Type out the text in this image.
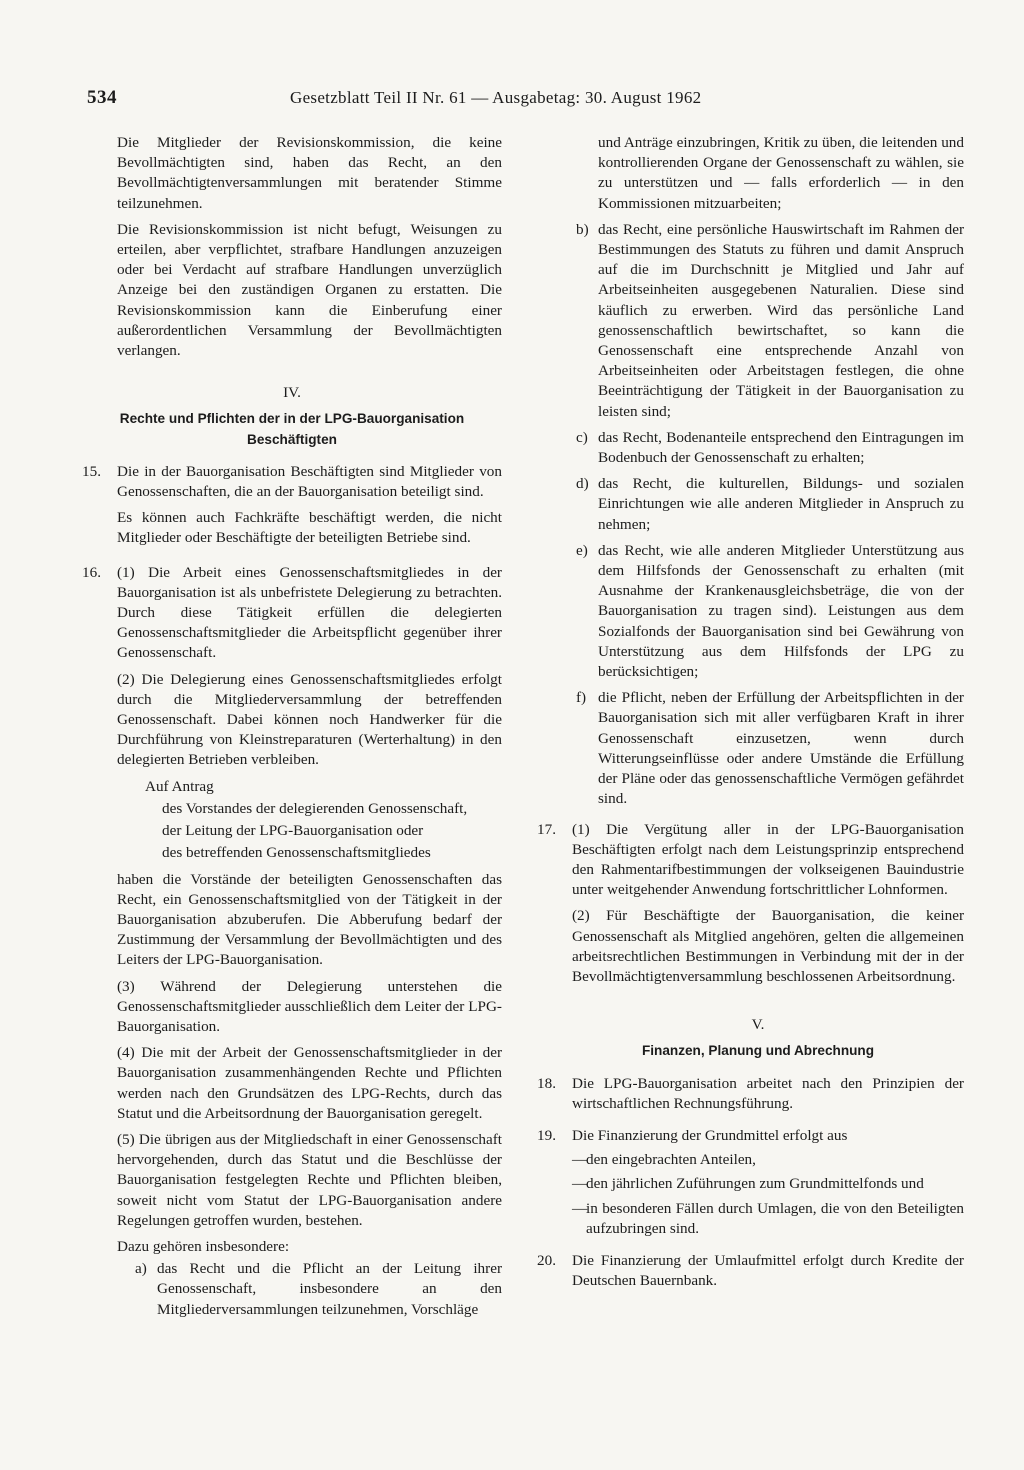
534	Gesetzblatt Teil II Nr. 61 — Ausgabetag: 30. August 1962

Die Mitglieder der Revisionskommission, die keine Bevollmächtigten sind, haben das Recht, an den Bevollmächtigtenversammlungen mit beratender Stimme teilzunehmen.

Die Revisionskommission ist nicht befugt, Weisungen zu erteilen, aber verpflichtet, strafbare Handlungen anzuzeigen oder bei Verdacht auf strafbare Handlungen unverzüglich Anzeige bei den zuständigen Organen zu erstatten. Die Revisionskommission kann die Einberufung einer außerordentlichen Versammlung der Bevollmächtigten verlangen.

IV.
Rechte und Pflichten der in der LPG-Bauorganisation Beschäftigten
15.	Die in der Bauorganisation Beschäftigten sind Mitglieder von Genossenschaften, die an der Bauorganisation beteiligt sind.

Es können auch Fachkräfte beschäftigt werden, die nicht Mitglieder oder Beschäftigte der beteiligten Betriebe sind.

16.	(1) Die Arbeit eines Genossenschaftsmitgliedes in der Bauorganisation ist als unbefristete Delegierung zu betrachten. Durch diese Tätigkeit erfüllen die delegierten Genossenschaftsmitglieder die Arbeitspflicht gegenüber ihrer Genossenschaft.

(2) Die Delegierung eines Genossenschaftsmitgliedes erfolgt durch die Mitgliederversammlung der betreffenden Genossenschaft. Dabei können noch Handwerker für die Durchführung von Kleinstreparaturen (Werterhaltung) in den delegierten Betrieben verbleiben.

Auf Antrag

des Vorstandes der delegierenden Genossenschaft,

der Leitung der LPG-Bauorganisation oder

des betreffenden Genossenschaftsmitgliedes

haben die Vorstände der beteiligten Genossenschaften das Recht, ein Genossenschaftsmitglied von der Tätigkeit in der Bauorganisation abzuberufen. Die Abberufung bedarf der Zustimmung der Versammlung der Bevollmächtigten und des Leiters der LPG-Bauorganisation.

(3) Während der Delegierung unterstehen die Genossenschaftsmitglieder ausschließlich dem Leiter der LPG-Bauorganisation.

(4) Die mit der Arbeit der Genossenschaftsmitglieder in der Bauorganisation zusammenhängenden Rechte und Pflichten werden nach den Grundsätzen des LPG-Rechts, durch das Statut und die Arbeitsordnung der Bauorganisation geregelt.

(5) Die übrigen aus der Mitgliedschaft in einer Genossenschaft hervorgehenden, durch das Statut und die Beschlüsse der Bauorganisation festgelegten Rechte und Pflichten bleiben, soweit nicht vom Statut der LPG-Bauorganisation andere Regelungen getroffen wurden, bestehen.

Dazu gehören insbesondere:

a) das Recht und die Pflicht an der Leitung ihrer Genossenschaft, insbesondere an den Mitgliederversammlungen teilzunehmen, Vorschläge

und Anträge einzubringen, Kritik zu üben, die leitenden und kontrollierenden Organe der Genossenschaft zu wählen, sie zu unterstützen und — falls erforderlich — in den Kommissionen mitzuarbeiten;

b) das Recht, eine persönliche Hauswirtschaft im Rahmen der Bestimmungen des Statuts zu führen und damit Anspruch auf die im Durchschnitt je Mitglied und Jahr auf Arbeitseinheiten ausgegebenen Naturalien. Diese sind käuflich zu erwerben. Wird das persönliche Land genossenschaftlich bewirtschaftet, so kann die Genossenschaft eine entsprechende Anzahl von Arbeitseinheiten oder Arbeitstagen festlegen, die ohne Beeinträchtigung der Tätigkeit in der Bauorganisation zu leisten sind;
c) das Recht, Bodenanteile entsprechend den Eintragungen im Bodenbuch der Genossenschaft zu erhalten;
d) das Recht, die kulturellen, Bildungs- und sozialen Einrichtungen wie alle anderen Mitglieder in Anspruch zu nehmen;
e) das Recht, wie alle anderen Mitglieder Unterstützung aus dem Hilfsfonds der Genossenschaft zu erhalten (mit Ausnahme der Krankenausgleichsbeträge, die von der Bauorganisation zu tragen sind). Leistungen aus dem Sozialfonds der Bauorganisation sind bei Gewährung von Unterstützung aus dem Hilfsfonds der LPG zu berücksichtigen;
f) die Pflicht, neben der Erfüllung der Arbeitspflichten in der Bauorganisation sich mit aller verfügbaren Kraft in ihrer Genossenschaft einzusetzen, wenn durch Witterungseinflüsse oder andere Umstände die Erfüllung der Pläne oder das genossenschaftliche Vermögen gefährdet sind.
17.	(1) Die Vergütung aller in der LPG-Bauorganisation Beschäftigten erfolgt nach dem Leistungsprinzip entsprechend den Rahmentarifbestimmungen der volkseigenen Bauindustrie unter weitgehender Anwendung fortschrittlicher Lohnformen.

(2) Für Beschäftigte der Bauorganisation, die keiner Genossenschaft als Mitglied angehören, gelten die allgemeinen arbeitsrechtlichen Bestimmungen in Verbindung mit der in der Bevollmächtigtenversammlung beschlossenen Arbeitsordnung.

V.
Finanzen, Planung und Abrechnung
18.	Die LPG-Bauorganisation arbeitet nach den Prinzipien der wirtschaftlichen Rechnungsführung.

19.	Die Finanzierung der Grundmittel erfolgt aus

—
den eingebrachten Anteilen,
—
den jährlichen Zuführungen zum Grundmittelfonds und
—
in besonderen Fällen durch Umlagen, die von den Beteiligten aufzubringen sind.
20.	Die Finanzierung der Umlaufmittel erfolgt durch Kredite der Deutschen Bauernbank.
